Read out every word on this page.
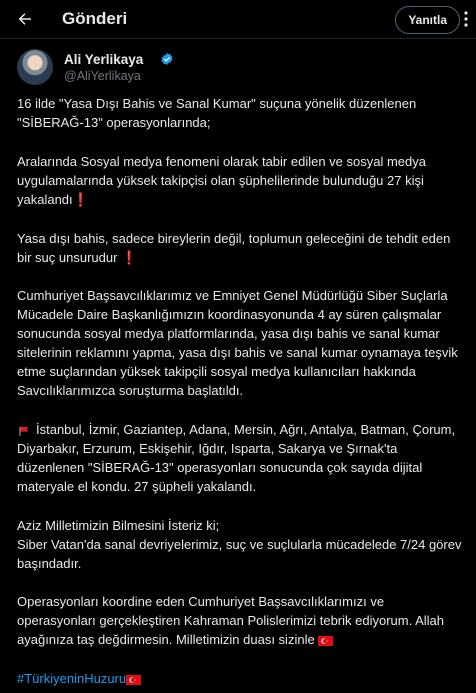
Gönderi	Yanıtla
Ali Yerlikaya
@AliYerlikaya
16 ilde "Yasa Dışı Bahis ve Sanal Kumar" suçuna yönelik düzenlenen "SİBERAĞ-13" operasyonlarında;
Aralarında Sosyal medya fenomeni olarak tabir edilen ve sosyal medya uygulamalarında yüksek takipçisi olan şüphelilerinde bulunduğu 27 kişi yakalandı❗
Yasa dışı bahis, sadece bireylerin değil, toplumun geleceğini de tehdit eden bir suç unsurudur ❗
Cumhuriyet Başsavcılıklarımız ve Emniyet Genel Müdürlüğü Siber Suçlarla Mücadele Daire Başkanlığımızın koordinasyonunda 4 ay süren çalışmalar sonucunda sosyal medya platformlarında, yasa dışı bahis ve sanal kumar sitelerinin reklamını yapma, yasa dışı bahis ve sanal kumar oynamaya teşvik etme suçlarından yüksek takipçili sosyal medya kullanıcıları hakkında Savcılıklarımızca soruşturma başlatıldı.
İstanbul, İzmir, Gaziantep, Adana, Mersin, Ağrı, Antalya, Batman, Çorum, Diyarbakır, Erzurum, Eskişehir, Iğdır, Isparta, Sakarya ve Şırnak'ta düzenlenen "SİBERAĞ-13" operasyonları sonucunda çok sayıda dijital materyale el kondu. 27 şüpheli yakalandı.
Aziz Milletimizin Bilmesini İsteriz ki;
Siber Vatan'da sanal devriyelerimiz, suç ve suçlularla mücadelede 7/24 görev başındadır.
Operasyonları koordine eden Cumhuriyet Başsavcılıklarımızı ve operasyonları gerçekleştiren Kahraman Polislerimizi tebrik ediyorum. Allah ayağınıza taş değdirmesin. Milletimizin duası sizinle
#TürkiyeninHuzuru
